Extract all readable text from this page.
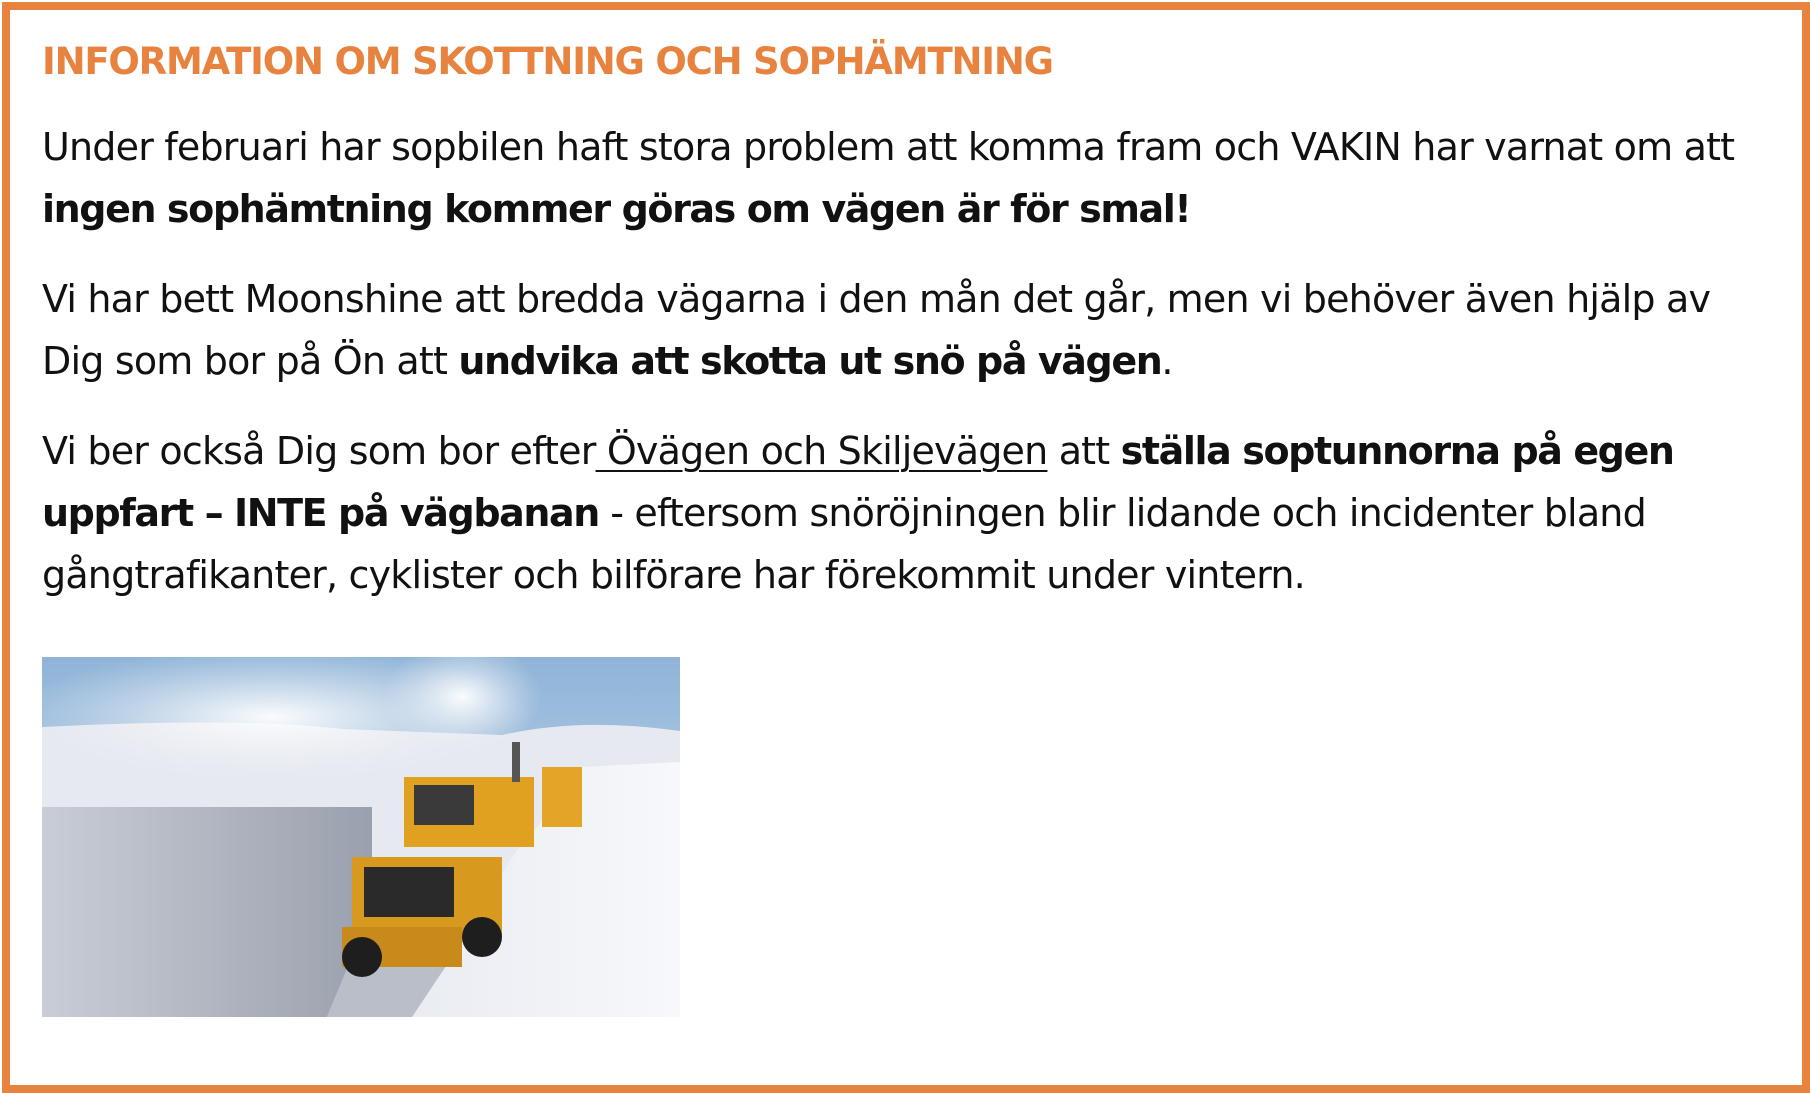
INFORMATION OM SKOTTNING OCH SOPHÄMTNING

Under februari har sopbilen haft stora problem att komma fram och VAKIN har varnat om att ingen sophämtning kommer göras om vägen är för smal!

Vi har bett Moonshine att bredda vägarna i den mån det går, men vi behöver även hjälp av Dig som bor på Ön att undvika att skotta ut snö på vägen.

Vi ber också Dig som bor efter Övägen och Skiljevägen att ställa soptunnorna på egen uppfart – INTE på vägbanan - eftersom snöröjningen blir lidande och incidenter bland gångtrafikanter, cyklister och bilförare har förekommit under vintern.
